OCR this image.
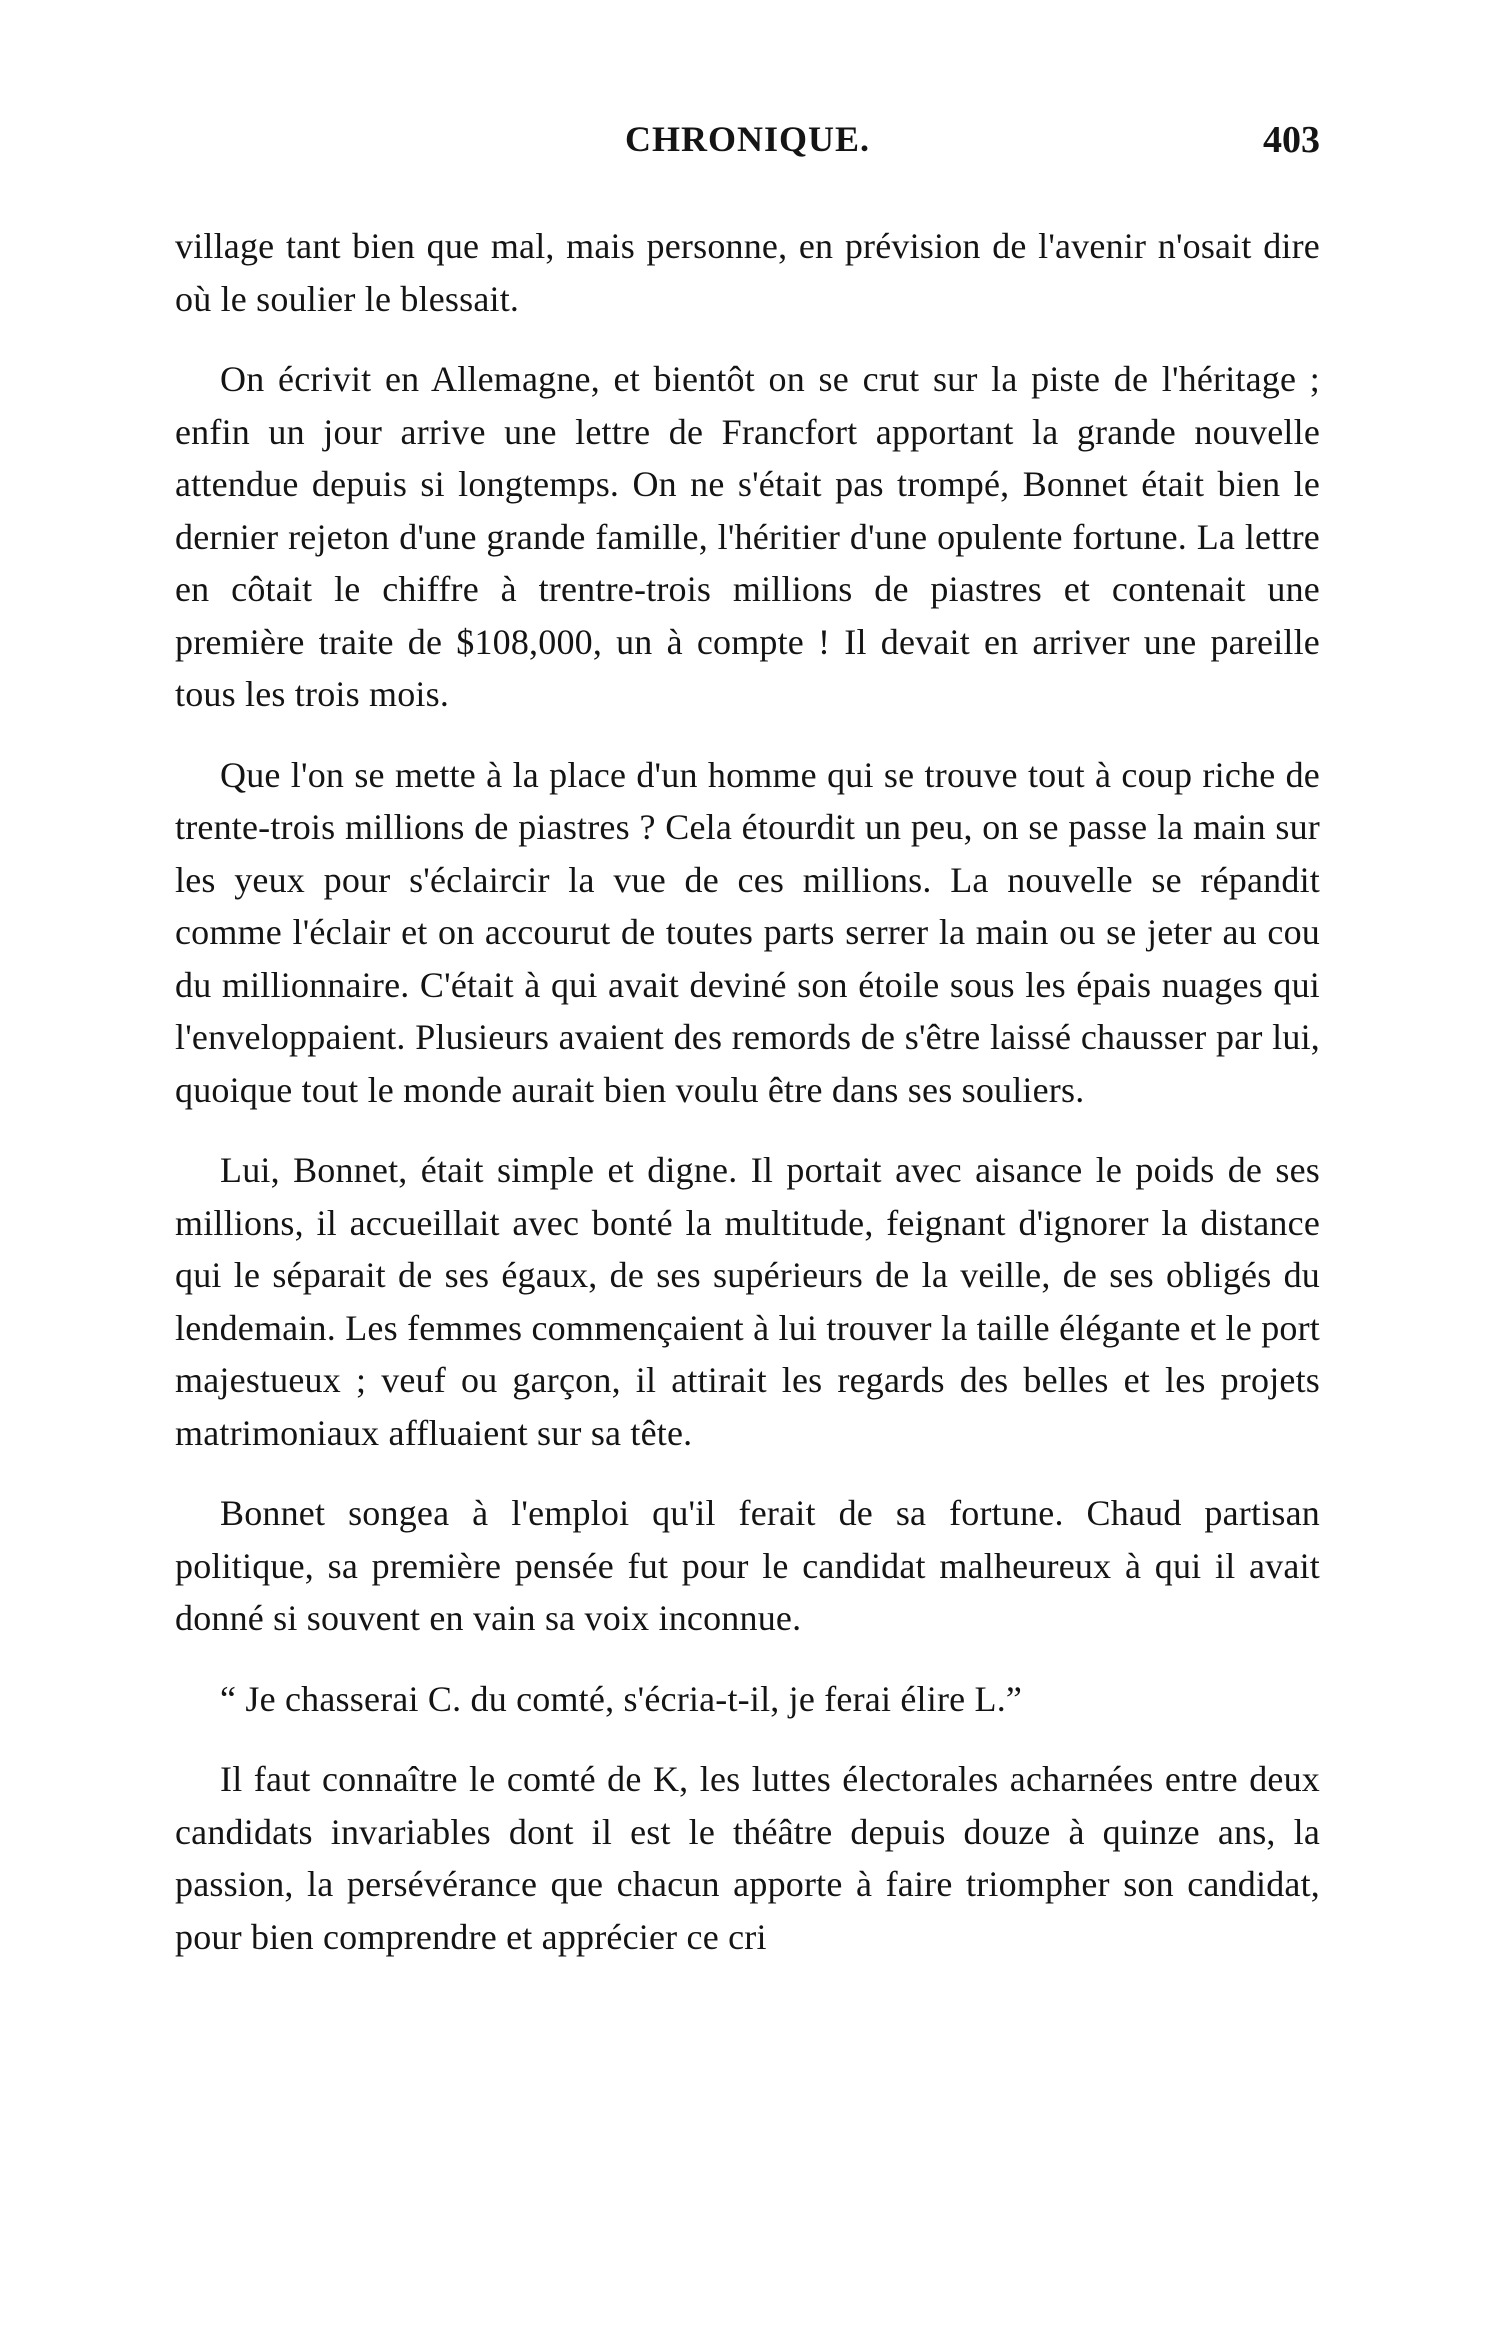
CHRONIQUE.	403

village tant bien que mal, mais personne, en prévision de l'avenir n'osait dire où le soulier le blessait.

On écrivit en Allemagne, et bientôt on se crut sur la piste de l'héritage ; enfin un jour arrive une lettre de Francfort apportant la grande nouvelle attendue depuis si longtemps. On ne s'était pas trompé, Bonnet était bien le dernier rejeton d'une grande famille, l'héritier d'une opulente fortune. La lettre en côtait le chiffre à trentre-trois millions de piastres et contenait une première traite de $108,000, un à compte ! Il devait en arriver une pareille tous les trois mois.

Que l'on se mette à la place d'un homme qui se trouve tout à coup riche de trente-trois millions de piastres ? Cela étourdit un peu, on se passe la main sur les yeux pour s'éclaircir la vue de ces millions. La nouvelle se répandit comme l'éclair et on accourut de toutes parts serrer la main ou se jeter au cou du millionnaire. C'était à qui avait deviné son étoile sous les épais nuages qui l'enveloppaient. Plusieurs avaient des remords de s'être laissé chausser par lui, quoique tout le monde aurait bien voulu être dans ses souliers.

Lui, Bonnet, était simple et digne. Il portait avec aisance le poids de ses millions, il accueillait avec bonté la multitude, feignant d'ignorer la distance qui le séparait de ses égaux, de ses supérieurs de la veille, de ses obligés du lendemain. Les femmes commençaient à lui trouver la taille élégante et le port majestueux ; veuf ou garçon, il attirait les regards des belles et les projets matrimoniaux affluaient sur sa tête.

Bonnet songea à l'emploi qu'il ferait de sa fortune. Chaud partisan politique, sa première pensée fut pour le candidat malheureux à qui il avait donné si souvent en vain sa voix inconnue.

“ Je chasserai C. du comté, s'écria-t-il, je ferai élire L.”

Il faut connaître le comté de K, les luttes électorales acharnées entre deux candidats invariables dont il est le théâtre depuis douze à quinze ans, la passion, la persévérance que chacun apporte à faire triompher son candidat, pour bien comprendre et apprécier ce cri
